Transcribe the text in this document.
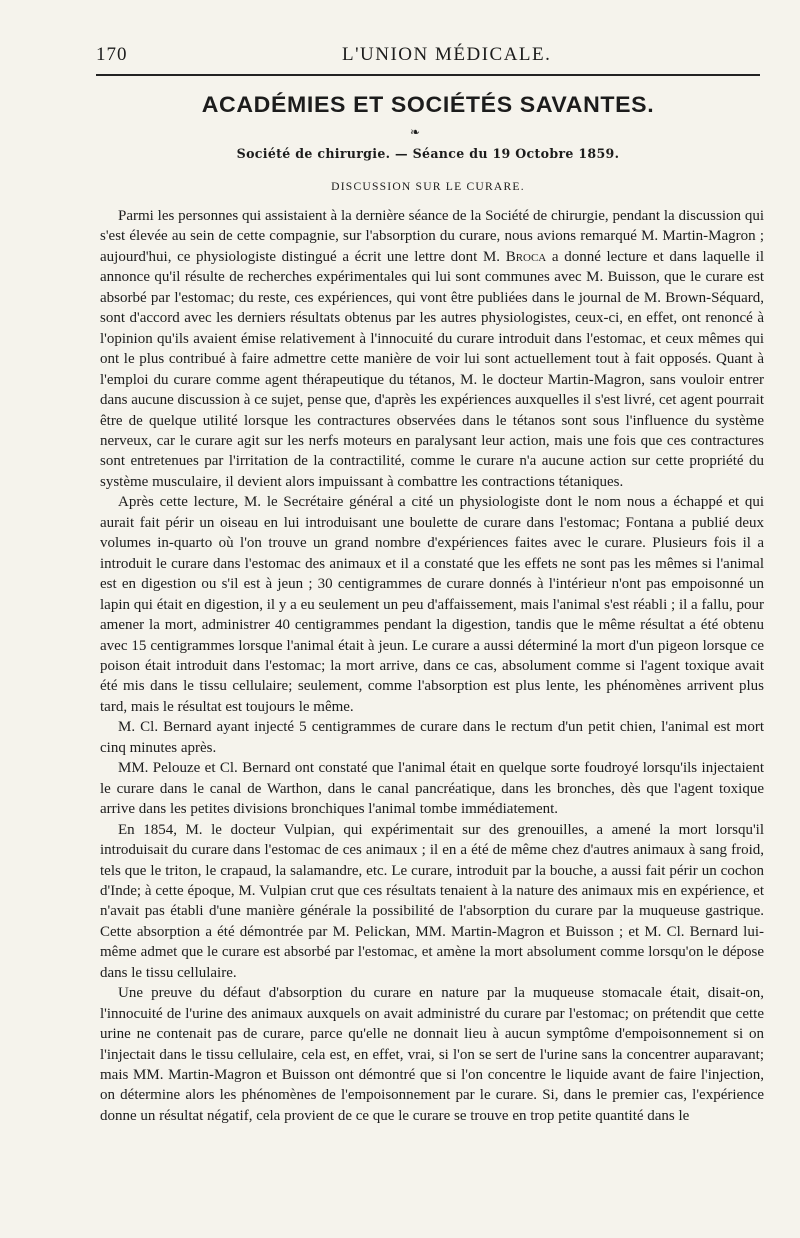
170	L'UNION MÉDICALE.
ACADÉMIES ET SOCIÉTÉS SAVANTES.
❧
Société de chirurgie. — Séance du 19 Octobre 1859.
DISCUSSION SUR LE CURARE.

Parmi les personnes qui assistaient à la dernière séance de la Société de chirurgie, pendant la discussion qui s'est élevée au sein de cette compagnie, sur l'absorption du curare, nous avions remarqué M. Martin-Magron ; aujourd'hui, ce physiologiste distingué a écrit une lettre dont M. Broca a donné lecture et dans laquelle il annonce qu'il résulte de recherches expérimentales qui lui sont communes avec M. Buisson, que le curare est absorbé par l'estomac; du reste, ces expériences, qui vont être publiées dans le journal de M. Brown-Séquard, sont d'accord avec les derniers résultats obtenus par les autres physiologistes, ceux-ci, en effet, ont renoncé à l'opinion qu'ils avaient émise relativement à l'innocuité du curare introduit dans l'estomac, et ceux mêmes qui ont le plus contribué à faire admettre cette manière de voir lui sont actuellement tout à fait opposés. Quant à l'emploi du curare comme agent thérapeutique du tétanos, M. le docteur Martin-Magron, sans vouloir entrer dans aucune discussion à ce sujet, pense que, d'après les expériences auxquelles il s'est livré, cet agent pourrait être de quelque utilité lorsque les contractures observées dans le tétanos sont sous l'influence du système nerveux, car le curare agit sur les nerfs moteurs en paralysant leur action, mais une fois que ces contractures sont entretenues par l'irritation de la contractilité, comme le curare n'a aucune action sur cette propriété du système musculaire, il devient alors impuissant à combattre les contractions tétaniques.

Après cette lecture, M. le Secrétaire général a cité un physiologiste dont le nom nous a échappé et qui aurait fait périr un oiseau en lui introduisant une boulette de curare dans l'estomac; Fontana a publié deux volumes in-quarto où l'on trouve un grand nombre d'expériences faites avec le curare. Plusieurs fois il a introduit le curare dans l'estomac des animaux et il a constaté que les effets ne sont pas les mêmes si l'animal est en digestion ou s'il est à jeun ; 30 centigrammes de curare donnés à l'intérieur n'ont pas empoisonné un lapin qui était en digestion, il y a eu seulement un peu d'affaissement, mais l'animal s'est réabli ; il a fallu, pour amener la mort, administrer 40 centigrammes pendant la digestion, tandis que le même résultat a été obtenu avec 15 centigrammes lorsque l'animal était à jeun. Le curare a aussi déterminé la mort d'un pigeon lorsque ce poison était introduit dans l'estomac; la mort arrive, dans ce cas, absolument comme si l'agent toxique avait été mis dans le tissu cellulaire; seulement, comme l'absorption est plus lente, les phénomènes arrivent plus tard, mais le résultat est toujours le même.

M. Cl. Bernard ayant injecté 5 centigrammes de curare dans le rectum d'un petit chien, l'animal est mort cinq minutes après.

MM. Pelouze et Cl. Bernard ont constaté que l'animal était en quelque sorte foudroyé lorsqu'ils injectaient le curare dans le canal de Warthon, dans le canal pancréatique, dans les bronches, dès que l'agent toxique arrive dans les petites divisions bronchiques l'animal tombe immédiatement.

En 1854, M. le docteur Vulpian, qui expérimentait sur des grenouilles, a amené la mort lorsqu'il introduisait du curare dans l'estomac de ces animaux ; il en a été de même chez d'autres animaux à sang froid, tels que le triton, le crapaud, la salamandre, etc. Le curare, introduit par la bouche, a aussi fait périr un cochon d'Inde; à cette époque, M. Vulpian crut que ces résultats tenaient à la nature des animaux mis en expérience, et n'avait pas établi d'une manière générale la possibilité de l'absorption du curare par la muqueuse gastrique. Cette absorption a été démontrée par M. Pelickan, MM. Martin-Magron et Buisson ; et M. Cl. Bernard lui-même admet que le curare est absorbé par l'estomac, et amène la mort absolument comme lorsqu'on le dépose dans le tissu cellulaire.

Une preuve du défaut d'absorption du curare en nature par la muqueuse stomacale était, disait-on, l'innocuité de l'urine des animaux auxquels on avait administré du curare par l'estomac; on prétendit que cette urine ne contenait pas de curare, parce qu'elle ne donnait lieu à aucun symptôme d'empoisonnement si on l'injectait dans le tissu cellulaire, cela est, en effet, vrai, si l'on se sert de l'urine sans la concentrer auparavant; mais MM. Martin-Magron et Buisson ont démontré que si l'on concentre le liquide avant de faire l'injection, on détermine alors les phénomènes de l'empoisonnement par le curare. Si, dans le premier cas, l'expérience donne un résultat négatif, cela provient de ce que le curare se trouve en trop petite quantité dans le
